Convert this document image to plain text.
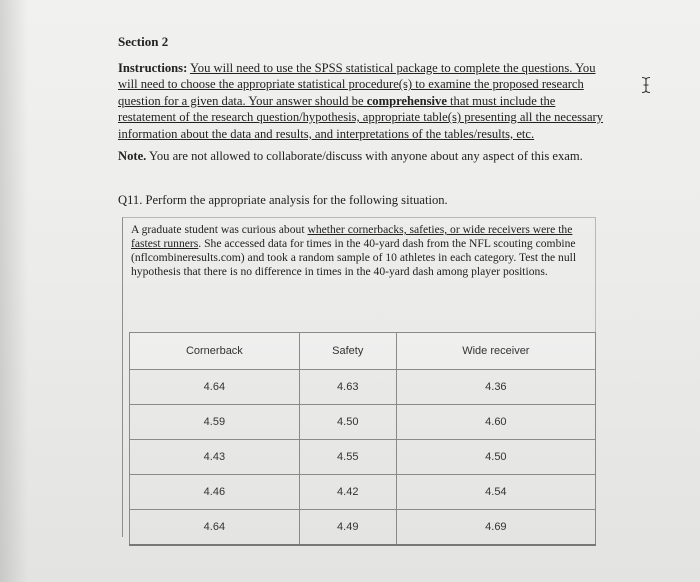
Section 2

Instructions: You will need to use the SPSS statistical package to complete the questions. You will need to choose the appropriate statistical procedure(s) to examine the proposed research question for a given data. Your answer should be comprehensive that must include the restatement of the research question/hypothesis, appropriate table(s) presenting all the necessary information about the data and results, and interpretations of the tables/results, etc.

Note. You are not allowed to collaborate/discuss with anyone about any aspect of this exam.

Q11. Perform the appropriate analysis for the following situation.

A graduate student was curious about whether cornerbacks, safeties, or wide receivers were the fastest runners. She accessed data for times in the 40-yard dash from the NFL scouting combine (nflcombineresults.com) and took a random sample of 10 athletes in each category. Test the null hypothesis that there is no difference in times in the 40-yard dash among player positions.

Cornerback	Safety	Wide receiver
4.64	4.63	4.36
4.59	4.50	4.60
4.43	4.55	4.50
4.46	4.42	4.54
4.64	4.49	4.69
